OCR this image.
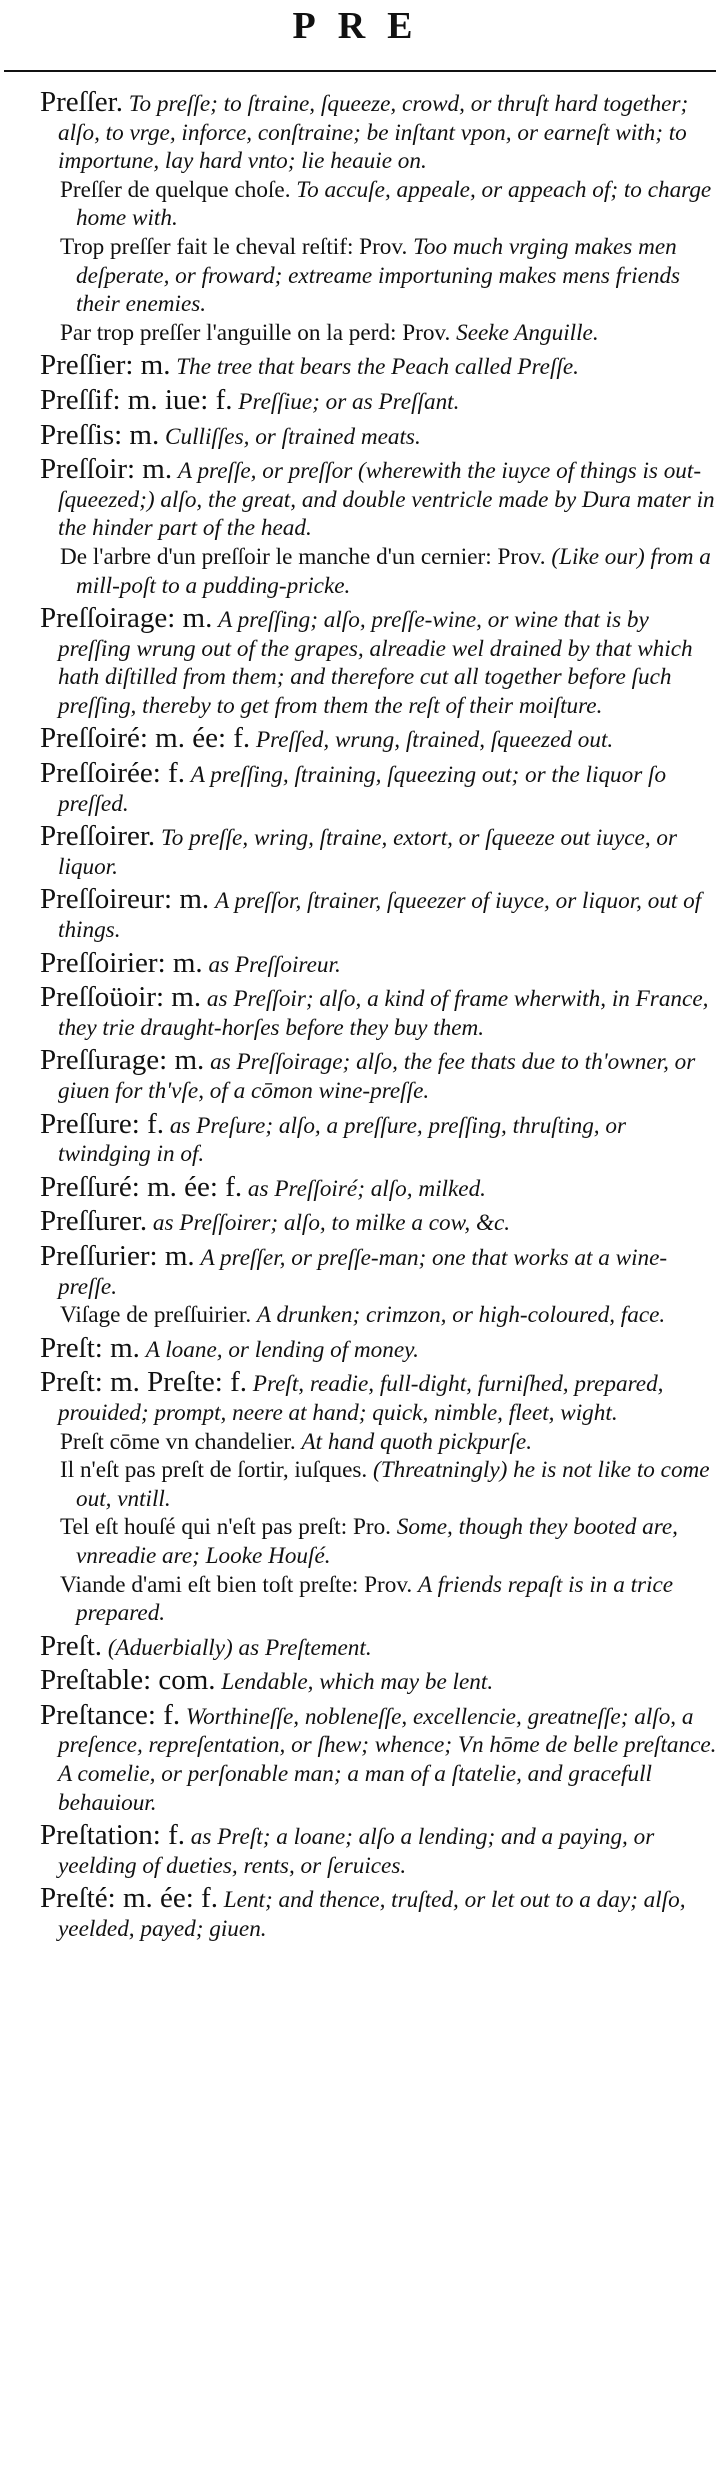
PRE

Preſſer. To preſſe; to ſtraine, ſqueeze, crowd, or thruſt hard together; alſo, to vrge, inforce, conſtraine; be inſtant vpon, or earneſt with; to importune, lay hard vnto; lie heauie on.

Preſſer de quelque choſe. To accuſe, appeale, or appeach of; to charge home with.

Trop preſſer fait le cheval reſtif: Prov. Too much vrging makes men deſperate, or froward; extreame importuning makes mens friends their enemies.

Par trop preſſer l'anguille on la perd: Prov. Seeke Anguille.

Preſſier: m. The tree that bears the Peach called Preſſe.

Preſſif: m. iue: f. Preſſiue; or as Preſſant.

Preſſis: m. Culliſſes, or ſtrained meats.

Preſſoir: m. A preſſe, or preſſor (wherewith the iuyce of things is out-ſqueezed;) alſo, the great, and double ventricle made by Dura mater in the hinder part of the head.

De l'arbre d'un preſſoir le manche d'un cernier: Prov. (Like our) from a mill-poſt to a pudding-pricke.

Preſſoirage: m. A preſſing; alſo, preſſe-wine, or wine that is by preſſing wrung out of the grapes, alreadie wel drained by that which hath diſtilled from them; and therefore cut all together before ſuch preſſing, thereby to get from them the reſt of their moiſture.

Preſſoiré: m. ée: f. Preſſed, wrung, ſtrained, ſqueezed out.

Preſſoirée: f. A preſſing, ſtraining, ſqueezing out; or the liquor ſo preſſed.

Preſſoirer. To preſſe, wring, ſtraine, extort, or ſqueeze out iuyce, or liquor.

Preſſoireur: m. A preſſor, ſtrainer, ſqueezer of iuyce, or liquor, out of things.

Preſſoirier: m. as Preſſoireur.

Preſſoüoir: m. as Preſſoir; alſo, a kind of frame wherwith, in France, they trie draught-horſes before they buy them.

Preſſurage: m. as Preſſoirage; alſo, the fee thats due to th'owner, or giuen for th'vſe, of a cōmon wine-preſſe.

Preſſure: f. as Preſure; alſo, a preſſure, preſſing, thruſting, or twindging in of.

Preſſuré: m. ée: f. as Preſſoiré; alſo, milked.

Preſſurer. as Preſſoirer; alſo, to milke a cow, &c.

Preſſurier: m. A preſſer, or preſſe-man; one that works at a wine-preſſe.

Viſage de preſſuirier. A drunken; crimzon, or high-coloured, face.

Preſt: m. A loane, or lending of money.

Preſt: m. Preſte: f. Preſt, readie, full-dight, furniſhed, prepared, prouided; prompt, neere at hand; quick, nimble, fleet, wight.

Preſt cōme vn chandelier. At hand quoth pickpurſe.

Il n'eſt pas preſt de ſortir, iuſques. (Threatningly) he is not like to come out, vntill.

Tel eſt houſé qui n'eſt pas preſt: Pro. Some, though they booted are, vnreadie are; Looke Houſé.

Viande d'ami eſt bien toſt preſte: Prov. A friends repaſt is in a trice prepared.

Preſt. (Aduerbially) as Preſtement.

Preſtable: com. Lendable, which may be lent.

Preſtance: f. Worthineſſe, nobleneſſe, excellencie, greatneſſe; alſo, a preſence, repreſentation, or ſhew; whence; Vn hōme de belle preſtance. A comelie, or perſonable man; a man of a ſtatelie, and gracefull behauiour.

Preſtation: f. as Preſt; a loane; alſo a lending; and a paying, or yeelding of dueties, rents, or ſeruices.

Preſté: m. ée: f. Lent; and thence, truſted, or let out to a day; alſo, yeelded, payed; giuen.
